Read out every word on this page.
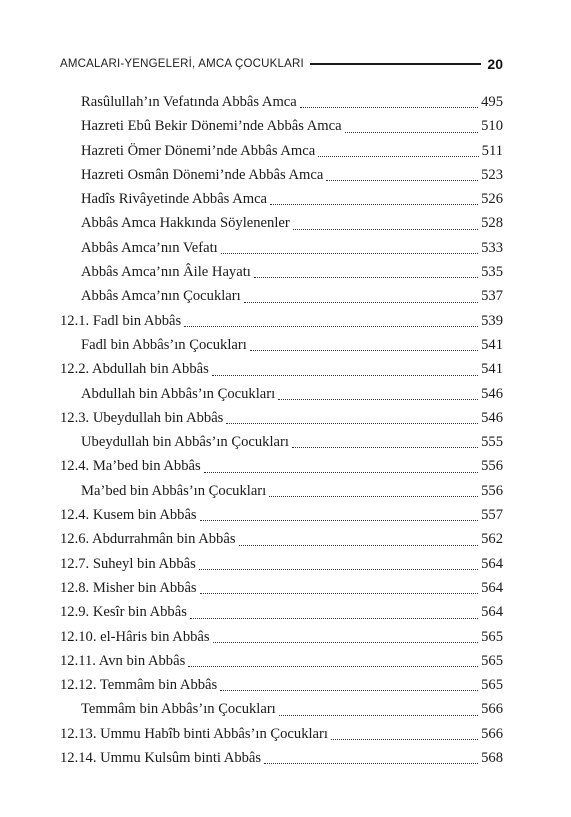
AMCALARI-YENGELERİ, AMCA ÇOCUKLARI	20
Rasûlullah’ın Vefatında Abbâs Amca	495
Hazreti Ebû Bekir Dönemi’nde Abbâs Amca	510
Hazreti Ömer Dönemi’nde Abbâs Amca	511
Hazreti Osmân Dönemi’nde Abbâs Amca	523
Hadîs Rivâyetinde Abbâs Amca	526
Abbâs Amca Hakkında Söylenenler	528
Abbâs Amca’nın Vefatı	533
Abbâs Amca’nın Âile Hayatı	535
Abbâs Amca’nın Çocukları	537
12.1. Fadl bin Abbâs	539
Fadl bin Abbâs’ın Çocukları	541
12.2. Abdullah bin Abbâs	541
Abdullah bin Abbâs’ın Çocukları	546
12.3. Ubeydullah bin Abbâs	546
Ubeydullah bin Abbâs’ın Çocukları	555
12.4. Ma’bed bin Abbâs	556
Ma’bed bin Abbâs’ın Çocukları	556
12.4. Kusem bin Abbâs	557
12.6. Abdurrahmân bin Abbâs	562
12.7. Suheyl bin Abbâs	564
12.8. Misher bin Abbâs	564
12.9. Kesîr bin Abbâs	564
12.10. el-Hâris bin Abbâs	565
12.11. Avn bin Abbâs	565
12.12. Temmâm bin Abbâs	565
Temmâm bin Abbâs’ın Çocukları	566
12.13. Ummu Habîb binti Abbâs’ın Çocukları	566
12.14. Ummu Kulsûm binti Abbâs	568
